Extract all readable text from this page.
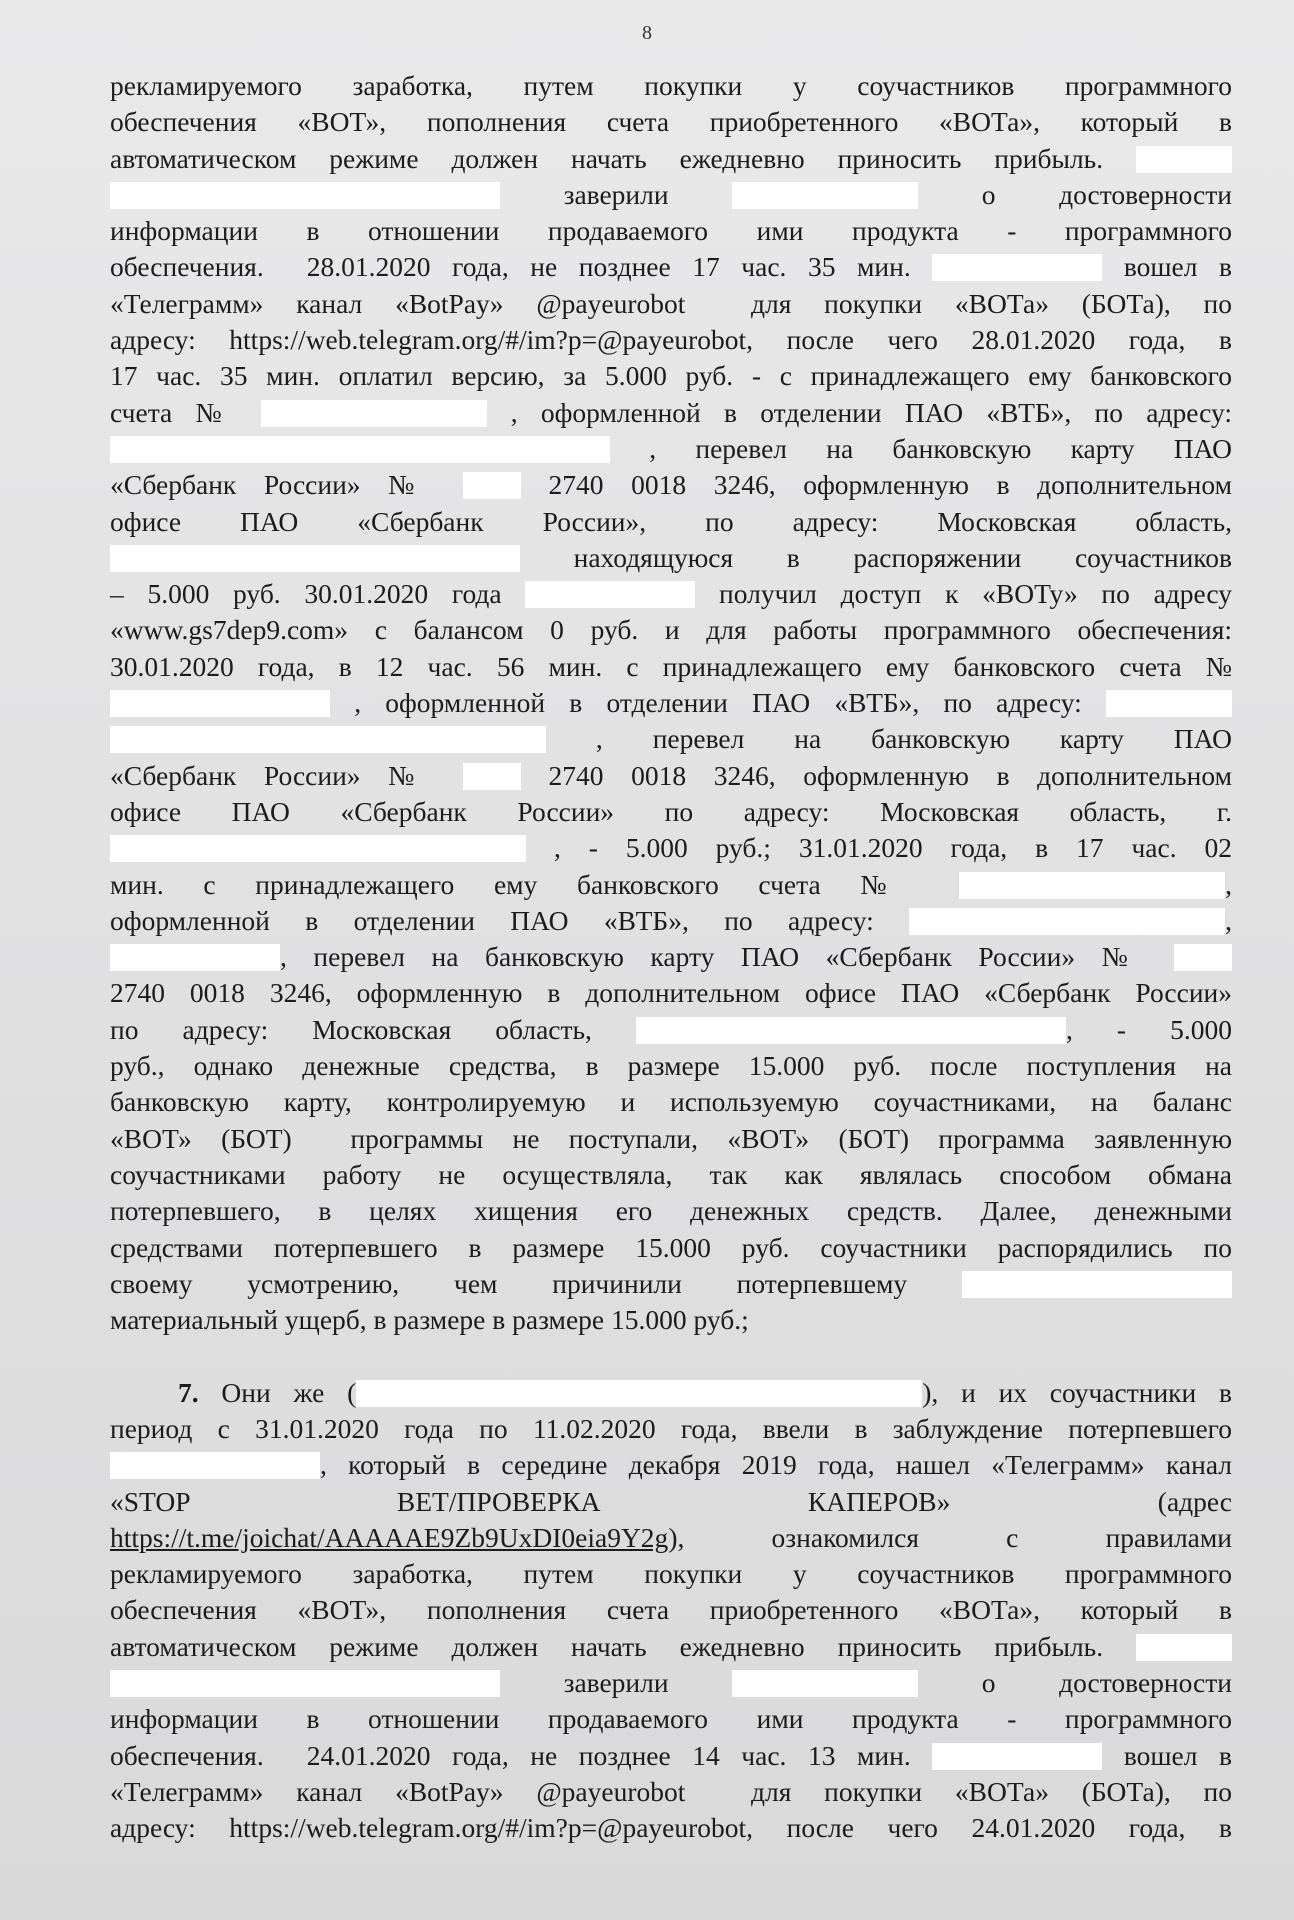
8
рекламируемого заработка, путем покупки у соучастников программного
обеспечения «ВОТ», пополнения счета приобретенного «ВОТа», который в
автоматическом режиме должен начать ежедневно приносить прибыль.
заверили	о достоверности
информации в отношении продаваемого ими продукта - программного
обеспечения.  28.01.2020 года, не позднее 17 час. 35 мин.	вошел в
«Телеграмм» канал «BotPay» @payeurobot  для покупки «ВОТа» (БОТа), по
адресу: https://web.telegram.org/#/im?p=@payeurobot, после чего 28.01.2020 года, в
17 час. 35 мин. оплатил версию, за 5.000 руб. - с принадлежащего ему банковского
счета №	, оформленной в отделении ПАО «ВТБ», по адресу:
, перевел на банковскую карту ПАО
«Сбербанк России» №	2740 0018 3246, оформленную в дополнительном
офисе ПАО «Сбербанк России», по адресу: Московская область,
находящуюся в распоряжении соучастников
– 5.000 руб. 30.01.2020 года	получил доступ к «ВОТу» по адресу
«www.gs7dep9.com» с балансом 0 руб. и для работы программного обеспечения:
30.01.2020 года, в 12 час. 56 мин. с принадлежащего ему банковского счета №
, оформленной в отделении ПАО «ВТБ», по адресу:
, перевел на банковскую карту ПАО
«Сбербанк России» №	2740 0018 3246, оформленную в дополнительном
офисе ПАО «Сбербанк России» по адресу: Московская область, г.
, - 5.000 руб.; 31.01.2020 года, в 17 час. 02
мин. с принадлежащего ему банковского счета №	,
оформленной в отделении ПАО «ВТБ», по адресу:	,
, перевел на банковскую карту ПАО «Сбербанк России» №
2740 0018 3246, оформленную в дополнительном офисе ПАО «Сбербанк России»
по адресу: Московская область,	, - 5.000
руб., однако денежные средства, в размере 15.000 руб. после поступления на
банковскую карту, контролируемую и используемую соучастниками, на баланс
«ВОТ» (БОТ)  программы не поступали, «ВОТ» (БОТ) программа заявленную
соучастниками работу не осуществляла, так как являлась способом обмана
потерпевшего, в целях хищения его денежных средств. Далее, денежными
средствами потерпевшего в размере 15.000 руб. соучастники распорядились по
своему усмотрению, чем причинили потерпевшему
материальный ущерб, в размере в размере 15.000 руб.;
7. Они же (	), и их соучастники в
период с 31.01.2020 года по 11.02.2020 года, ввели в заблуждение потерпевшего
, который в середине декабря 2019 года, нашел «Телеграмм» канал
«STOP ВЕТ/ПРОВЕРКА КАПЕРОВ» (адрес
https://t.me/joichat/AAAAAE9Zb9UxDI0eia9Y2g), ознакомился с правилами
рекламируемого заработка, путем покупки у соучастников программного
обеспечения «ВОТ», пополнения счета приобретенного «ВОТа», который в
автоматическом режиме должен начать ежедневно приносить прибыль.
заверили	о достоверности
информации в отношении продаваемого ими продукта - программного
обеспечения.  24.01.2020 года, не позднее 14 час. 13 мин.	вошел в
«Телеграмм» канал «BotPay» @payeurobot  для покупки «ВОТа» (БОТа), по
адресу: https://web.telegram.org/#/im?p=@payeurobot, после чего 24.01.2020 года, в
